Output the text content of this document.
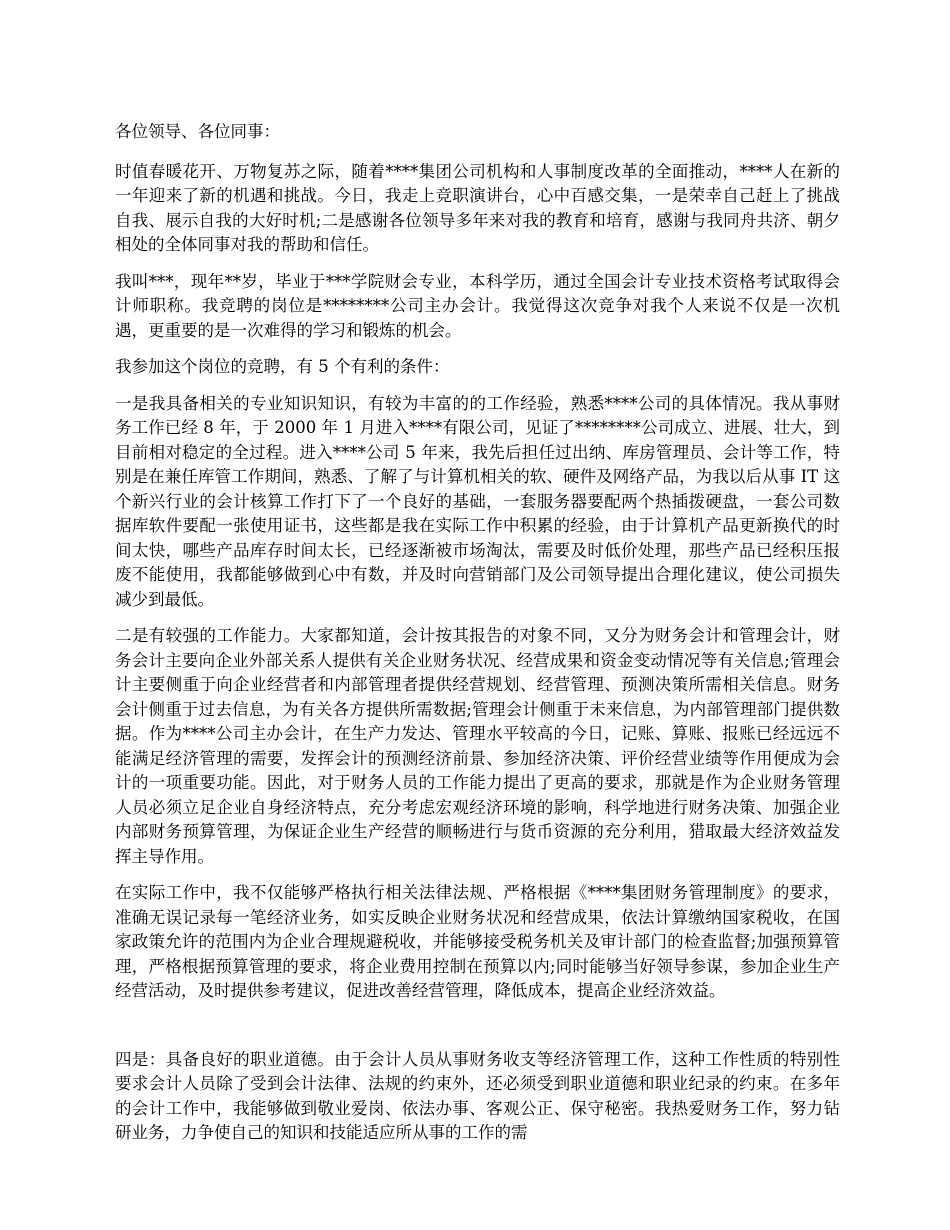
各位领导、各位同事：

时值春暖花开、万物复苏之际，随着****集团公司机构和人事制度改革的全面推动，****人在新的一年迎来了新的机遇和挑战。今日，我走上竞职演讲台，心中百感交集，一是荣幸自己赶上了挑战自我、展示自我的大好时机;二是感谢各位领导多年来对我的教育和培育，感谢与我同舟共济、朝夕相处的全体同事对我的帮助和信任。

我叫***，现年**岁，毕业于***学院财会专业，本科学历，通过全国会计专业技术资格考试取得会计师职称。我竞聘的岗位是********公司主办会计。我觉得这次竞争对我个人来说不仅是一次机遇，更重要的是一次难得的学习和锻炼的机会。

我参加这个岗位的竞聘，有 5 个有利的条件：

一是我具备相关的专业知识知识，有较为丰富的的工作经验，熟悉****公司的具体情况。我从事财务工作已经 8 年，于 2000 年 1 月进入****有限公司，见证了********公司成立、进展、壮大，到目前相对稳定的全过程。进入****公司 5 年来，我先后担任过出纳、库房管理员、会计等工作，特别是在兼任库管工作期间，熟悉、了解了与计算机相关的软、硬件及网络产品，为我以后从事 IT 这个新兴行业的会计核算工作打下了一个良好的基础，一套服务器要配两个热插拨硬盘，一套公司数据库软件要配一张使用证书，这些都是我在实际工作中积累的经验，由于计算机产品更新换代的时间太快，哪些产品库存时间太长，已经逐渐被市场淘汰，需要及时低价处理，那些产品已经积压报废不能使用，我都能够做到心中有数，并及时向营销部门及公司领导提出合理化建议，使公司损失减少到最低。

二是有较强的工作能力。大家都知道，会计按其报告的对象不同，又分为财务会计和管理会计，财务会计主要向企业外部关系人提供有关企业财务状况、经营成果和资金变动情况等有关信息;管理会计主要侧重于向企业经营者和内部管理者提供经营规划、经营管理、预测决策所需相关信息。财务会计侧重于过去信息，为有关各方提供所需数据;管理会计侧重于未来信息，为内部管理部门提供数据。作为****公司主办会计，在生产力发达、管理水平较高的今日，记账、算账、报账已经远远不能满足经济管理的需要，发挥会计的预测经济前景、参加经济决策、评价经营业绩等作用便成为会计的一项重要功能。因此，对于财务人员的工作能力提出了更高的要求，那就是作为企业财务管理人员必须立足企业自身经济特点，充分考虑宏观经济环境的影响，科学地进行财务决策、加强企业内部财务预算管理，为保证企业生产经营的顺畅进行与货币资源的充分利用，猎取最大经济效益发挥主导作用。

在实际工作中，我不仅能够严格执行相关法律法规、严格根据《****集团财务管理制度》的要求，准确无误记录每一笔经济业务，如实反映企业财务状况和经营成果，依法计算缴纳国家税收，在国家政策允许的范围内为企业合理规避税收，并能够接受税务机关及审计部门的检查监督;加强预算管理，严格根据预算管理的要求，将企业费用控制在预算以内;同时能够当好领导参谋，参加企业生产经营活动，及时提供参考建议，促进改善经营管理，降低成本，提高企业经济效益。

四是：具备良好的职业道德。由于会计人员从事财务收支等经济管理工作，这种工作性质的特别性要求会计人员除了受到会计法律、法规的约束外，还必须受到职业道德和职业纪录的约束。在多年的会计工作中，我能够做到敬业爱岗、依法办事、客观公正、保守秘密。我热爱财务工作，努力钻研业务，力争使自己的知识和技能适应所从事的工作的需
